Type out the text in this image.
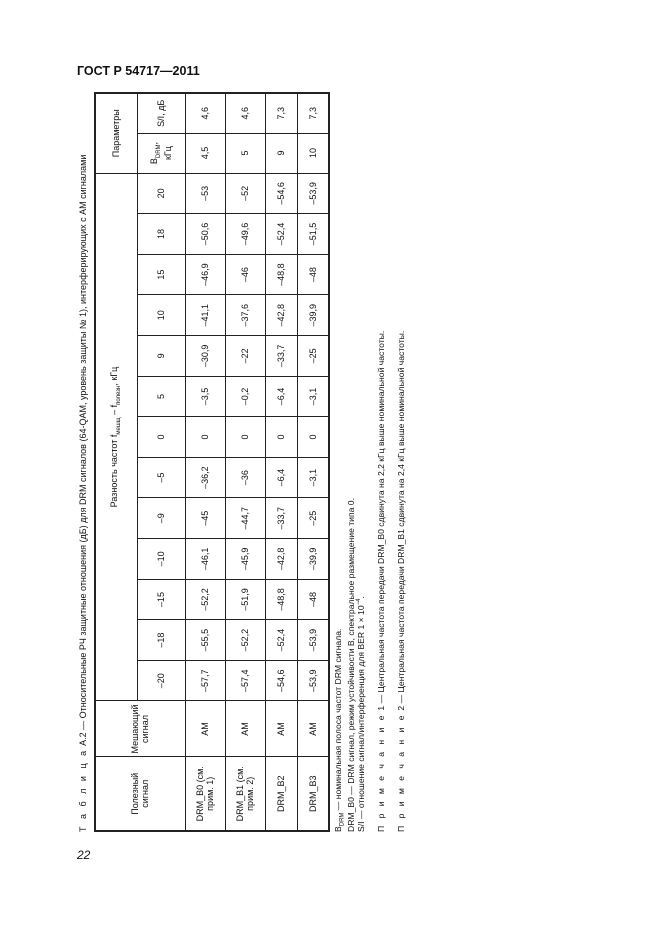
ГОСТ Р 54717—2011
Т а б л и ц а А.2 — Относительные РЧ защитные отношения (дБ) для DRM сигналов (64-QAM, уровень защиты № 1), интерферирующих с АМ сигналами
Полезный сигнал	Мешающий сигнал	Разность частот $f_{мешщ} - f_{полезн}$, кГц													Параметры	
		–20	–18	–15	–10	–9	–5	0	5	9	10	15	18	20	$B_{DRM}$, кГц	S/I, дБ
DRM_B0 (см. прим. 1)	АМ	–57,7	–55,5	–52,2	–46,1	–45	–36,2	0	–3,5	–30,9	–41,1	–46,9	–50,6	–53	4,5	4,6
DRM_B1 (см. прим. 2)	АМ	–57,4	–52,2	–51,9	–45,9	–44,7	–36	0	–0,2	–22	–37,6	–46	–49,6	–52	5	4,6
DRM_B2	АМ	–54,6	–52,4	–48,8	–42,8	–33,7	–6,4	0	–6,4	–33,7	–42,8	–48,8	–52,4	–54,6	9	7,3
DRM_B3	АМ	–53,9	–53,9	–48	–39,9	–25	–3,1	0	–3,1	–25	–39,9	–48	–51,5	–53,9	10	7,3
$B_{DRM}$ — номинальная полоса частот DRM сигнала. DRM_B0 — DRM сигнал, режим устойчивости B, спектральное размещение типа 0. S/I — отношение сигнал/интерференция для BER $1 \times 10^{-4}$.
П р и м е ч а н и е 1 — Центральная частота передачи DRM_B0 сдвинута на 2,2 кГц выше номинальной частоты.
П р и м е ч а н и е 2 — Центральная частота передачи DRM_B1 сдвинута на 2,4 кГц выше номинальной частоты.
22
